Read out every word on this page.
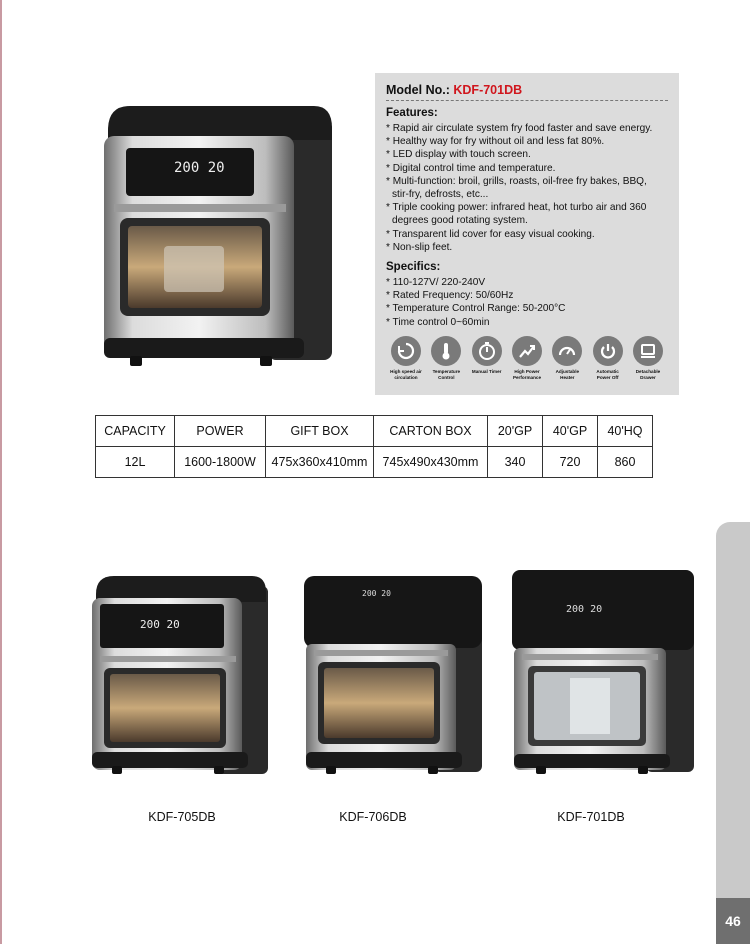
200 20
Model No.: KDF-701DB
Features:
* Rapid air circulate system fry food faster and save energy.
* Healthy way for fry without oil and less fat 80%.
* LED display with touch screen.
* Digital control time and temperature.
* Multi-function: broil, grills, roasts, oil-free fry bakes, BBQ,
stir-fry, defrosts, etc...
* Triple cooking power: infrared heat, hot turbo air and 360
degrees good rotating system.
* Transparent lid cover for easy visual cooking.
* Non-slip feet.
Specifics:
* 110-127V/ 220-240V
* Rated Frequency: 50/60Hz
* Temperature Control Range: 50-200°C
* Time control 0~60min
High speed air circulation
Temperature Control
Manual Timer	High Power Performance
Adjustable Heater
Automatic Power Off
Detachable Drawer
CAPACITY	POWER	GIFT BOX	CARTON BOX	20'GP	40'GP	40'HQ
12L	1600-1800W	475x360x410mm	745x490x430mm	340	720	860
200 20
200 20
200 20
KDF-705DB	KDF-706DB	KDF-701DB
46
